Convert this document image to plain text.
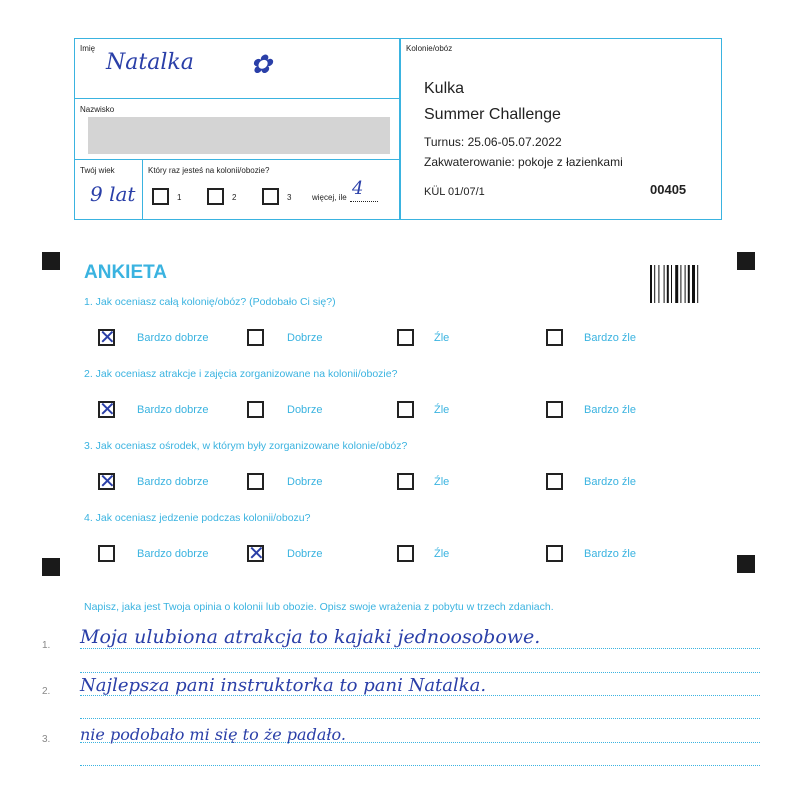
Imię
Natalka ✿
Nazwisko
Twój wiek
9 lat
Który raz jesteś na kolonii/obozie?
1	2	3	więcej, ile 4
Kolonie/obóz
Kulka
Summer Challenge
Turnus: 25.06-05.07.2022
Zakwaterowanie: pokoje z łazienkami
KÜL 01/07/1	00405
ANKIETA
1. Jak oceniasz całą kolonię/obóz? (Podobało Ci się?)
✕ Bardzo dobrze	Dobrze	Źle	Bardzo źle
2. Jak oceniasz atrakcje i zajęcia zorganizowane na kolonii/obozie?
✕ Bardzo dobrze	Dobrze	Źle	Bardzo źle
3. Jak oceniasz ośrodek, w którym były zorganizowane kolonie/obóz?
✕ Bardzo dobrze	Dobrze	Źle	Bardzo źle
4. Jak oceniasz jedzenie podczas kolonii/obozu?
Bardzo dobrze ✕ Dobrze	Źle	Bardzo źle
Napisz, jaka jest Twoja opinia o kolonii lub obozie. Opisz swoje wrażenia z pobytu w trzech zdaniach.
1.
2.
3.
Moja ulubiona atrakcja to kajaki jednoosobowe.
Najlepsza pani instruktorka to pani Natalka.
nie podobało mi się to że padało.
